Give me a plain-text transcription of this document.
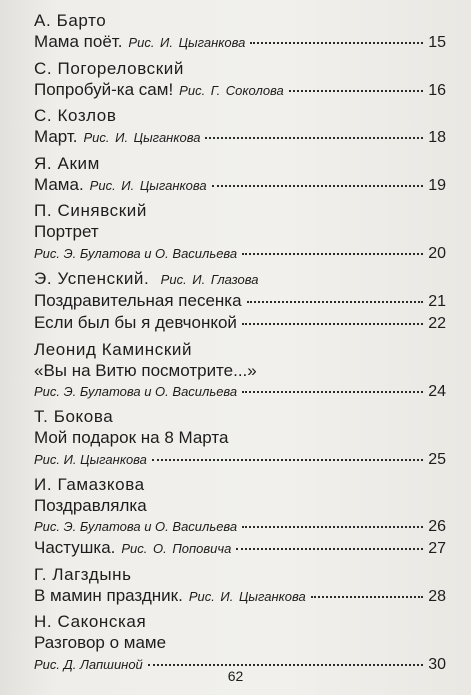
А. Барто
Мама поёт. Рис. И. Цыганкова	15
С. Погореловский
Попробуй-ка сам! Рис. Г. Соколова	16
С. Козлов
Март. Рис. И. Цыганкова	18
Я. Аким
Мама. Рис. И. Цыганкова	19
П. Синявский
Портрет
Рис. Э. Булатова и О. Васильева	20
Э. Успенский. Рис. И. Глазова
Поздравительная песенка	21
Если был бы я девчонкой	22
Леонид Каминский
«Вы на Витю посмотрите...»
Рис. Э. Булатова и О. Васильева	24
Т. Бокова
Мой подарок на 8 Марта
Рис. И. Цыганкова	25
И. Гамазкова
Поздравлялка
Рис. Э. Булатова и О. Васильева	26
Частушка. Рис. О. Поповича	27
Г. Лагздынь
В мамин праздник. Рис. И. Цыганкова	28
Н. Саконская
Разговор о маме
Рис. Д. Лапшиной	30
62
